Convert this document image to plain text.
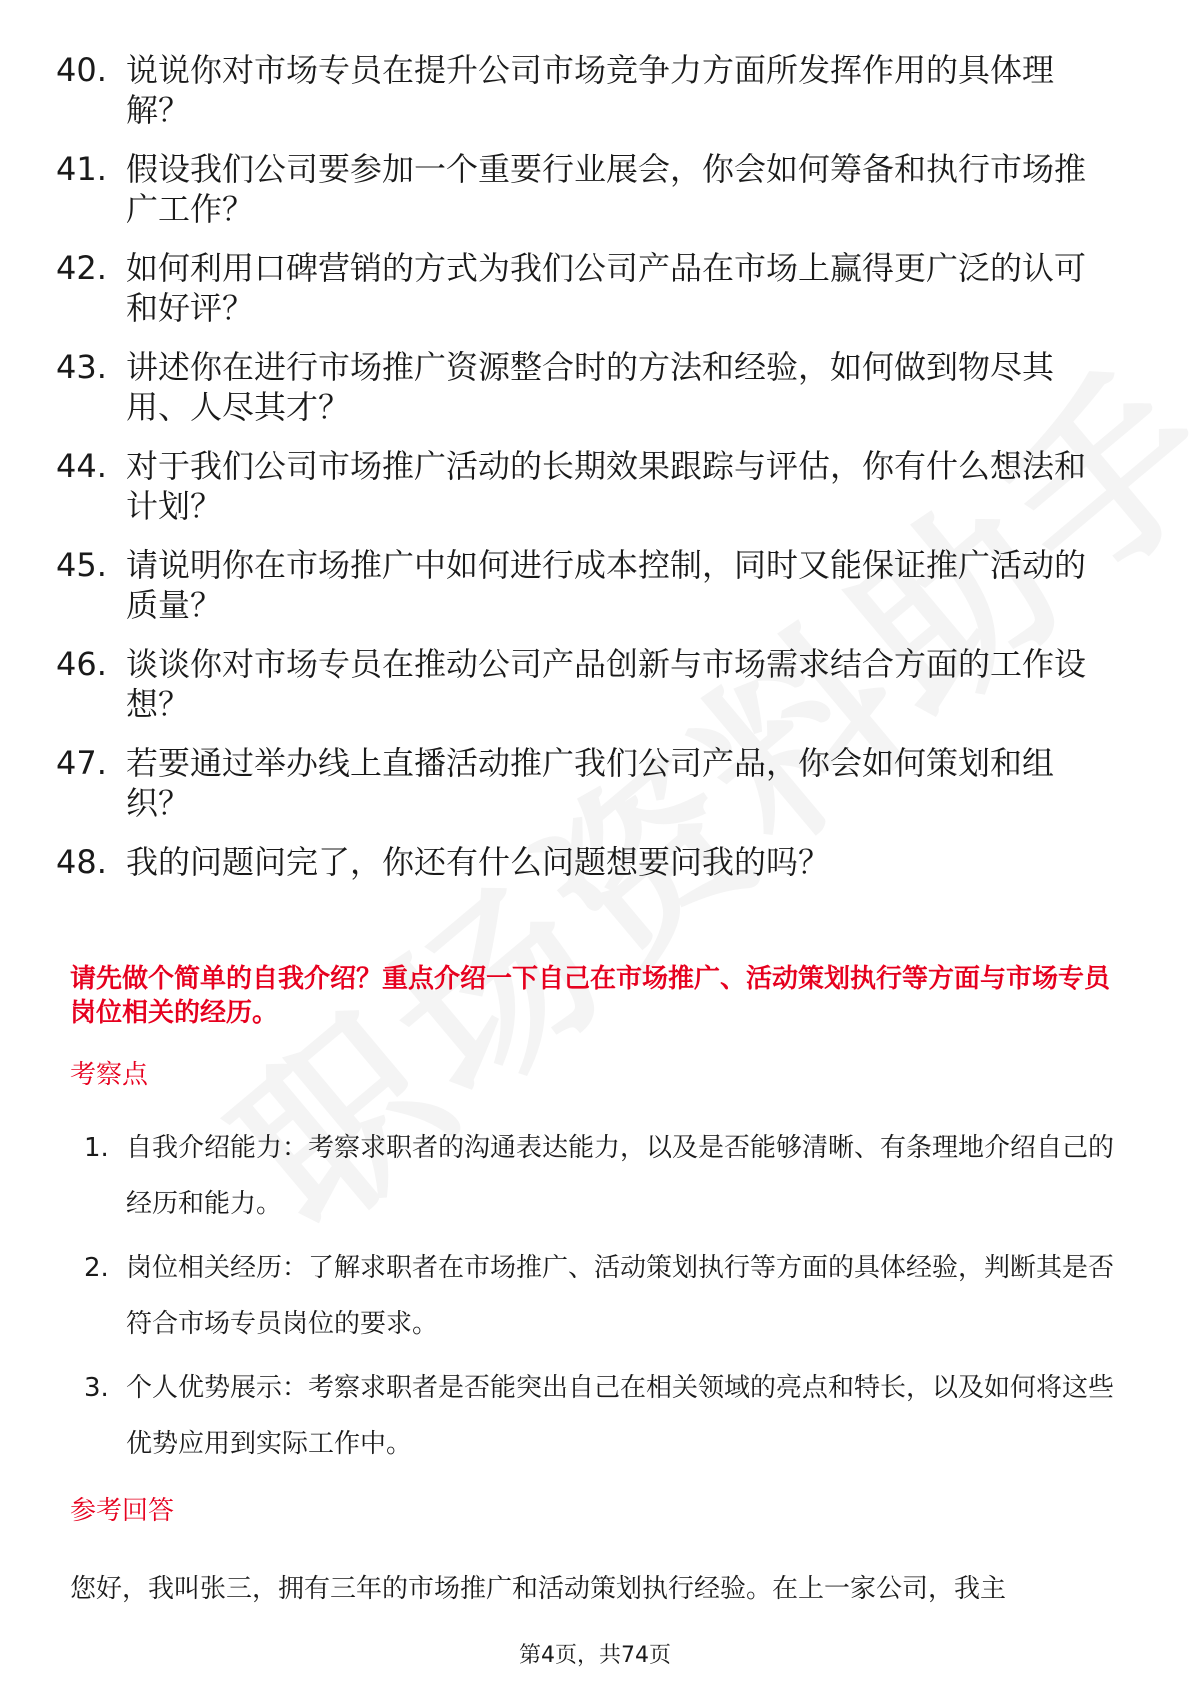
40. 说说你对市场专员在提升公司市场竞争力方面所发挥作用的具体理解？
41. 假设我们公司要参加一个重要行业展会，你会如何筹备和执行市场推广工作？
42. 如何利用口碑营销的方式为我们公司产品在市场上赢得更广泛的认可和好评？
43. 讲述你在进行市场推广资源整合时的方法和经验，如何做到物尽其用、人尽其才？
44. 对于我们公司市场推广活动的长期效果跟踪与评估，你有什么想法和计划？
45. 请说明你在市场推广中如何进行成本控制，同时又能保证推广活动的质量？
46. 谈谈你对市场专员在推动公司产品创新与市场需求结合方面的工作设想？
47. 若要通过举办线上直播活动推广我们公司产品，你会如何策划和组织？
48. 我的问题问完了，你还有什么问题想要问我的吗？
请先做个简单的自我介绍？重点介绍一下自己在市场推广、活动策划执行等方面与市场专员岗位相关的经历。
考察点
1. 自我介绍能力：考察求职者的沟通表达能力，以及是否能够清晰、有条理地介绍自己的经历和能力。
2. 岗位相关经历：了解求职者在市场推广、活动策划执行等方面的具体经验，判断其是否符合市场专员岗位的要求。
3. 个人优势展示：考察求职者是否能突出自己在相关领域的亮点和特长，以及如何将这些优势应用到实际工作中。
参考回答
您好，我叫张三，拥有三年的市场推广和活动策划执行经验。在上一家公司，我主
第4页，共74页
